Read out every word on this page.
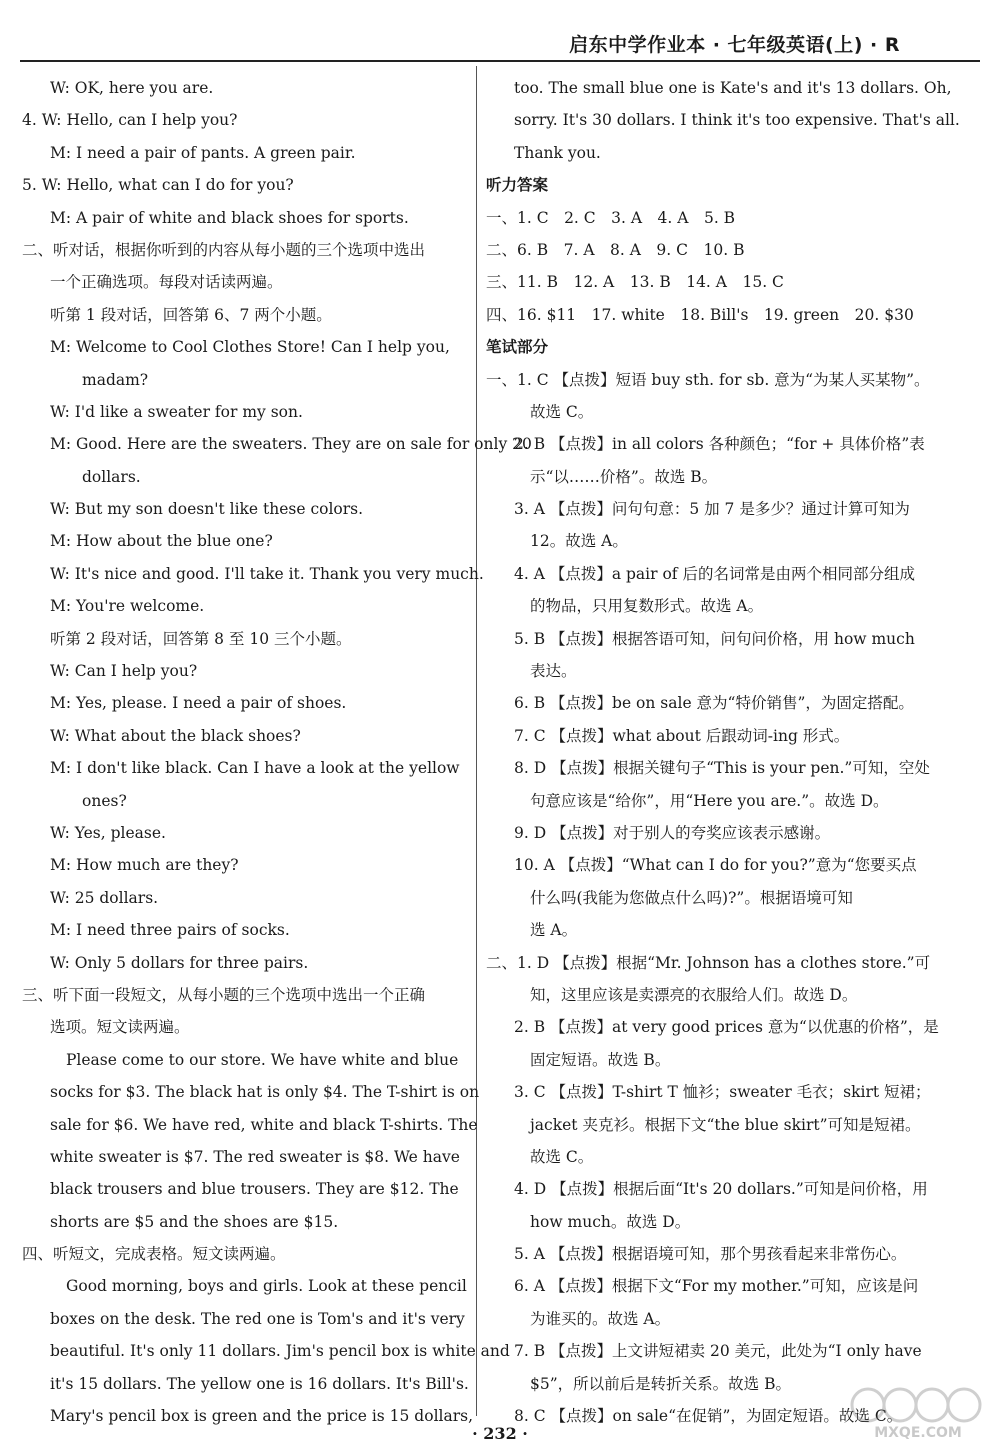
启东中学作业本 · 七年级英语(上) · R
W: OK, here you are.
4. W: Hello, can I help you?
M: I need a pair of pants. A green pair.
5. W: Hello, what can I do for you?
M: A pair of white and black shoes for sports.
二、听对话，根据你听到的内容从每小题的三个选项中选出
一个正确选项。每段对话读两遍。
听第 1 段对话，回答第 6、7 两个小题。
M: Welcome to Cool Clothes Store! Can I help you,
madam?
W: I'd like a sweater for my son.
M: Good. Here are the sweaters. They are on sale for only 20
dollars.
W: But my son doesn't like these colors.
M: How about the blue one?
W: It's nice and good. I'll take it. Thank you very much.
M: You're welcome.
听第 2 段对话，回答第 8 至 10 三个小题。
W: Can I help you?
M: Yes, please. I need a pair of shoes.
W: What about the black shoes?
M: I don't like black. Can I have a look at the yellow
ones?
W: Yes, please.
M: How much are they?
W: 25 dollars.
M: I need three pairs of socks.
W: Only 5 dollars for three pairs.
三、听下面一段短文，从每小题的三个选项中选出一个正确
选项。短文读两遍。
Please come to our store. We have white and blue
socks for $3. The black hat is only $4. The T-shirt is on
sale for $6. We have red, white and black T-shirts. The
white sweater is $7. The red sweater is $8. We have
black trousers and blue trousers. They are $12. The
shorts are $5 and the shoes are $15.
四、听短文，完成表格。短文读两遍。
Good morning, boys and girls. Look at these pencil
boxes on the desk. The red one is Tom's and it's very
beautiful. It's only 11 dollars. Jim's pencil box is white and
it's 15 dollars. The yellow one is 16 dollars. It's Bill's.
Mary's pencil box is green and the price is 15 dollars,
too. The small blue one is Kate's and it's 13 dollars. Oh,
sorry. It's 30 dollars. I think it's too expensive. That's all.
Thank you.
听力答案
一、1. C　2. C　3. A　4. A　5. B
二、6. B　7. A　8. A　9. C　10. B
三、11. B　12. A　13. B　14. A　15. C
四、16. $11　17. white　18. Bill's　19. green　20. $30
笔试部分
一、1. C 【点拨】短语 buy sth. for sb. 意为“为某人买某物”。
故选 C。
2. B 【点拨】in all colors 各种颜色；“for + 具体价格”表
示“以……价格”。故选 B。
3. A 【点拨】问句句意：5 加 7 是多少？通过计算可知为
12。故选 A。
4. A 【点拨】a pair of 后的名词常是由两个相同部分组成
的物品，只用复数形式。故选 A。
5. B 【点拨】根据答语可知，问句问价格，用 how much
表达。
6. B 【点拨】be on sale 意为“特价销售”，为固定搭配。
7. C 【点拨】what about 后跟动词-ing 形式。
8. D 【点拨】根据关键句子“This is your pen.”可知，空处
句意应该是“给你”，用“Here you are.”。故选 D。
9. D 【点拨】对于别人的夸奖应该表示感谢。
10. A 【点拨】“What can I do for you?”意为“您要买点
什么吗(我能为您做点什么吗)?”。根据语境可知
选 A。
二、1. D 【点拨】根据“Mr. Johnson has a clothes store.”可
知，这里应该是卖漂亮的衣服给人们。故选 D。
2. B 【点拨】at very good prices 意为“以优惠的价格”，是
固定短语。故选 B。
3. C 【点拨】T-shirt T 恤衫；sweater 毛衣；skirt 短裙；
jacket 夹克衫。根据下文“the blue skirt”可知是短裙。
故选 C。
4. D 【点拨】根据后面“It's 20 dollars.”可知是问价格，用
how much。故选 D。
5. A 【点拨】根据语境可知，那个男孩看起来非常伤心。
6. A 【点拨】根据下文“For my mother.”可知，应该是问
为谁买的。故选 A。
7. B 【点拨】上文讲短裙卖 20 美元，此处为“I only have
$5”，所以前后是转折关系。故选 B。
8. C 【点拨】on sale“在促销”，为固定短语。故选 C。
· 232 ·	MXQE.COM
